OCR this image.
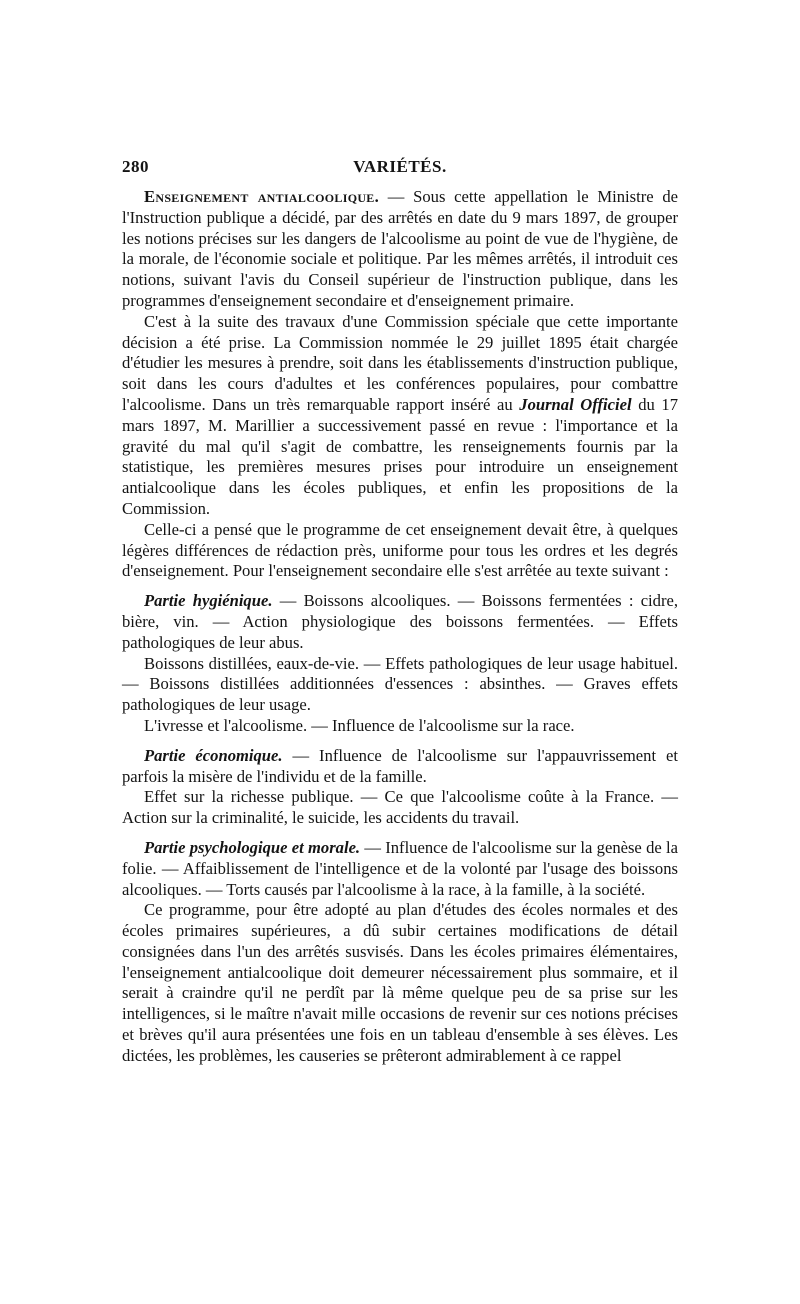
280	VARIÉTÉS.

Enseignement antialcoolique. — Sous cette appellation le Ministre de l'Instruction publique a décidé, par des arrêtés en date du 9 mars 1897, de grouper les notions précises sur les dangers de l'alcoolisme au point de vue de l'hygiène, de la morale, de l'économie sociale et politique. Par les mêmes arrêtés, il introduit ces notions, suivant l'avis du Conseil supérieur de l'instruction publique, dans les programmes d'enseignement secondaire et d'enseignement primaire.

C'est à la suite des travaux d'une Commission spéciale que cette importante décision a été prise. La Commission nommée le 29 juillet 1895 était chargée d'étudier les mesures à prendre, soit dans les établissements d'instruction publique, soit dans les cours d'adultes et les conférences populaires, pour combattre l'alcoolisme. Dans un très remarquable rapport inséré au Journal Officiel du 17 mars 1897, M. Marillier a successivement passé en revue : l'importance et la gravité du mal qu'il s'agit de combattre, les renseignements fournis par la statistique, les premières mesures prises pour introduire un enseignement antialcoolique dans les écoles publiques, et enfin les propositions de la Commission.

Celle-ci a pensé que le programme de cet enseignement devait être, à quelques légères différences de rédaction près, uniforme pour tous les ordres et les degrés d'enseignement. Pour l'enseignement secondaire elle s'est arrêtée au texte suivant :

Partie hygiénique. — Boissons alcooliques. — Boissons fermentées : cidre, bière, vin. — Action physiologique des boissons fermentées. — Effets pathologiques de leur abus.

Boissons distillées, eaux-de-vie. — Effets pathologiques de leur usage habituel. — Boissons distillées additionnées d'essences : absinthes. — Graves effets pathologiques de leur usage.

L'ivresse et l'alcoolisme. — Influence de l'alcoolisme sur la race.

Partie économique. — Influence de l'alcoolisme sur l'appauvrissement et parfois la misère de l'individu et de la famille.

Effet sur la richesse publique. — Ce que l'alcoolisme coûte à la France. — Action sur la criminalité, le suicide, les accidents du travail.

Partie psychologique et morale. — Influence de l'alcoolisme sur la genèse de la folie. — Affaiblissement de l'intelligence et de la volonté par l'usage des boissons alcooliques. — Torts causés par l'alcoolisme à la race, à la famille, à la société.

Ce programme, pour être adopté au plan d'études des écoles normales et des écoles primaires supérieures, a dû subir certaines modifications de détail consignées dans l'un des arrêtés susvisés. Dans les écoles primaires élémentaires, l'enseignement antialcoolique doit demeurer nécessairement plus sommaire, et il serait à craindre qu'il ne perdît par là même quelque peu de sa prise sur les intelligences, si le maître n'avait mille occasions de revenir sur ces notions précises et brèves qu'il aura présentées une fois en un tableau d'ensemble à ses élèves. Les dictées, les problèmes, les causeries se prêteront admirablement à ce rappel
